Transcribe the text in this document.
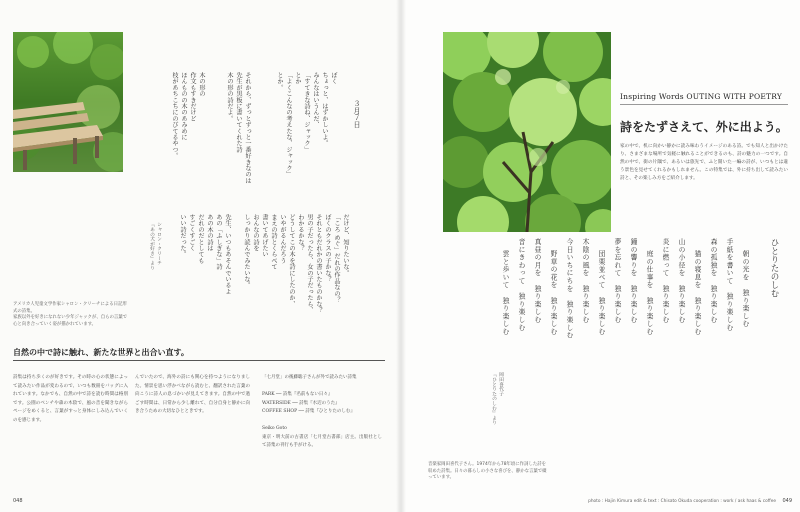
３月７日
ぼく
ちょっと、はずかしいよ。
みんなはいうんだ、
「すてきな詩ね、ジャック」
とか
「よくこんなの考えたな、ジャック」
とか。
それから、ずっとずっと一番好きなのは
先生が黒板に書いてくれた詩
木の形の詩だよ。
木の形の
作文もすきだけど
ほんものの木のあみめに
枝があちこちにのびてるやつ。
だけど、知りたいな。
「ころ めぐ」だれの作品なの？
ぼくのクラスの子かな？
それともだれかの書いたものかな？
男の子だったら、女の子だったら、
わかるかな？
どうしてこの木を詩にしたのか、
いやがるんだろう
まえの詩とくらべて
書いてあげたい
おんなの詩を
しっかり読んでみたいな。
先生、いつもあそんでいるよ
あの「ふしぎな」詩
あの木の詩は
だれのだとしても
すごくすごく
いい詩だった。
シャロン・クリーチ
『あの犬が好き』より
アメリカ人児童文学作家シャロン・クリーチによる日記形式の詩集。
家族以外を好きになれない少年ジャックが、自らの言葉で心と向き合っていく姿が描かれています。
自然の中で詩に触れ、新たな世界と出合い直す。
詩集は持ち歩くのが好きです。その時の心の状態によって読みたい作品が変わるので、いつも数冊をバッグに入れています。なかでも、自然の中で詩を読む時間は格別です。公園のベンチや森の木陰で、風の音を聞きながらページをめくると、言葉がすっと身体にしみ込んでいくのを感じます。
んでいたので、海外の詩にも関心を持つようになりました。情景を思い浮かべながら読むと、翻訳された言葉の向こうに詩人の息づかいが見えてきます。自然の中で過ごす時間は、日常から少し離れて、自分自身と静かに向き合うための大切なひとときです。
「七月堂」の後藤聡子さんが外で読みたい詩集

PARK ── 詩集『名前もない日々』
WATERSIDE ── 詩集『水辺のうた』
COFFEE SHOP ── 詩集『ひとりたのしむ』

Seiko Goto
東京・明大前の古書店「七月堂古書部」店主。出版社として詩集の刊行も手がける。
048
Inspiring Words OUTING WITH POETRY
詩をたずさえて、外に出よう。
家の中で、机に向かい静かに読み味わうイメージのある詩。でも知人と出かけたり、さまざまな場所で気軽に触れることができるのも、詩の魅力の一つです。自然の中で、街の片隅で、あるいは旅先で、ふと開いた一編の詩が、いつもとは違う景色を見せてくれるかもしれません。この特集では、外に持ち出して読みたい詩と、その楽しみ方をご紹介します。
ひとりたのしむ
朝の光を　独り楽しむ
手紙を書いて　独り楽しむ
森の孤独を　独り楽しむ
猫の寝息を　独り楽しむ
山の小径を　独り楽しむ
炎に燃って　独り楽しむ
庭の仕事を　独り楽しむ
鐘の響りを　独り楽しむ
夢を忘れて　独り楽しむ
団栗並べて　独り楽しむ
木陰の風を　独り楽しむ
今日いちにちを　独り楽しむ
野草の花を　独り楽しむ
真昼の月を　独り楽しむ
音にきわって　独り楽しむ
雲と歩いて　独り楽しむ
岡田喜代子
『ひとりたのしむ』より
音楽家岡田喜代子さん。1974年から78年頃に作詞した詩を収めた詩集。日々の暮らしの小さな喜びを、静かな言葉で綴っています。
photo : Hajin Kimura edit & text : Chisato Okuda cooperation : work / ask haas & coffee 049
